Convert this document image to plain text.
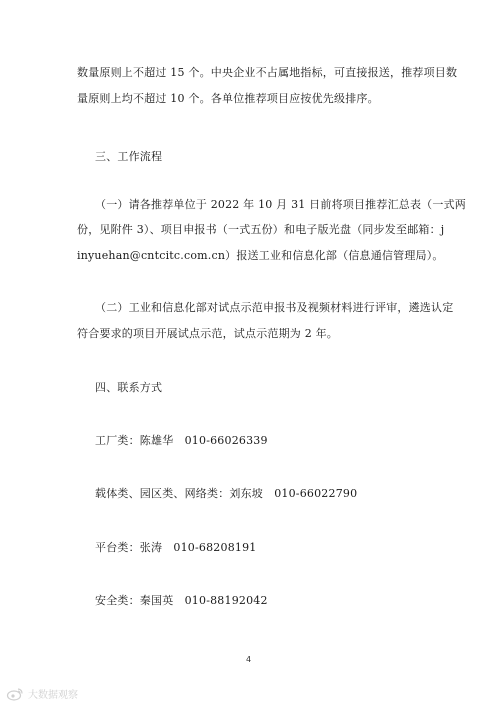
数量原则上不超过 15 个。中央企业不占属地指标，可直接报送，推荐项目数
量原则上均不超过 10 个。各单位推荐项目应按优先级排序。
三、工作流程
（一）请各推荐单位于 2022 年 10 月 31 日前将项目推荐汇总表（一式两
份，见附件 3）、项目申报书（一式五份）和电子版光盘（同步发至邮箱：j
inyuehan@cntcitc.com.cn）报送工业和信息化部（信息通信管理局）。
（二）工业和信息化部对试点示范申报书及视频材料进行评审，遴选认定
符合要求的项目开展试点示范，试点示范期为 2 年。
四、联系方式
工厂类：陈雄华　010-66026339
载体类、园区类、网络类：刘东坡　010-66022790
平台类：张涛　010-68208191
安全类：秦国英　010-88192042
4
大数据观察
